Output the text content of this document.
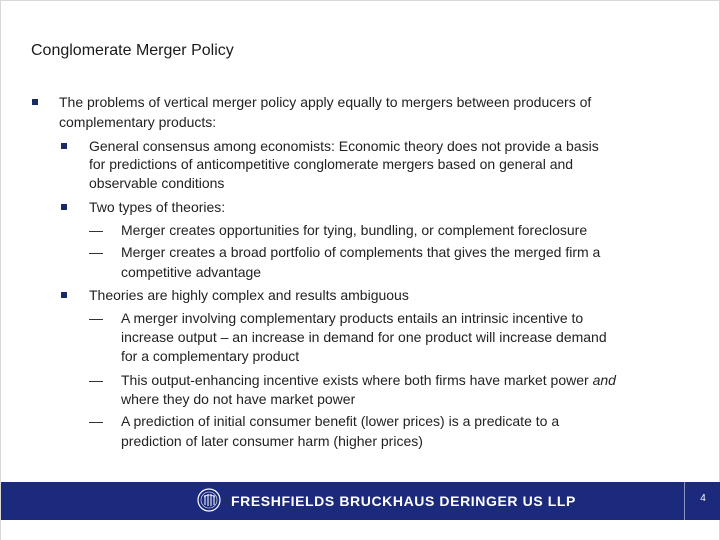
Conglomerate Merger Policy
The problems of vertical merger policy apply equally to mergers between producers of
complementary products:
General consensus among economists: Economic theory does not provide a basis
for predictions of anticompetitive conglomerate mergers based on general and
observable conditions
Two types of theories:
— Merger creates opportunities for tying, bundling, or complement foreclosure
— Merger creates a broad portfolio of complements that gives the merged firm a
competitive advantage
Theories are highly complex and results ambiguous
— A merger involving complementary products entails an intrinsic incentive to
increase output – an increase in demand for one product will increase demand
for a complementary product
— This output-enhancing incentive exists where both firms have market power and
where they do not have market power
— A prediction of initial consumer benefit (lower prices) is a predicate to a
prediction of later consumer harm (higher prices)
FRESHFIELDS BRUCKHAUS DERINGER US LLP	4
